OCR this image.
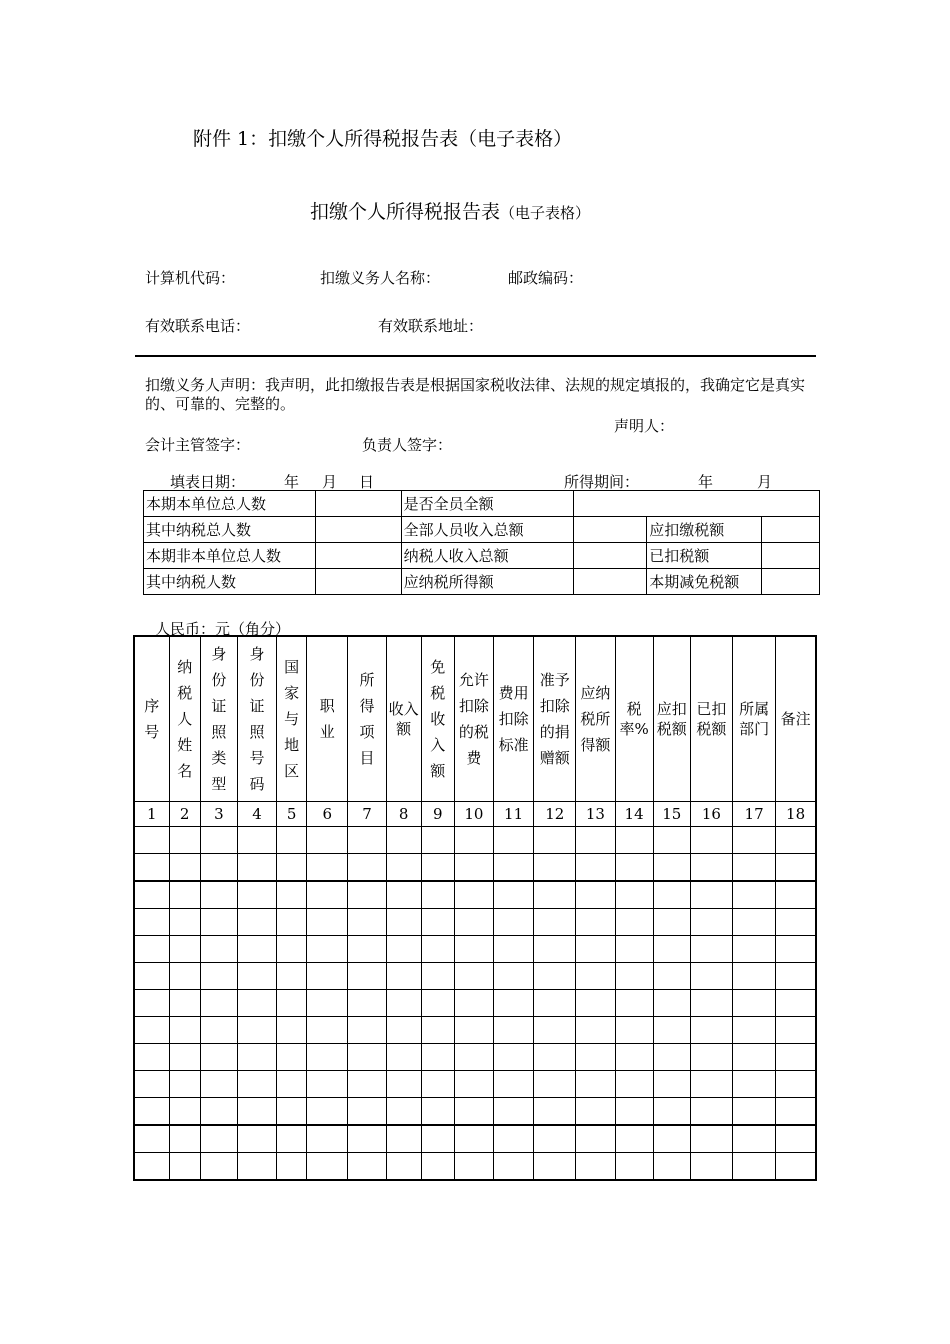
附件 1：扣缴个人所得税报告表（电子表格）
扣缴个人所得税报告表（电子表格）
计算机代码：	扣缴义务人名称：	邮政编码：
有效联系电话：	有效联系地址：
扣缴义务人声明：我声明，此扣缴报告表是根据国家税收法律、法规的规定填报的，我确定它是真实的、可靠的、完整的。
声明人：
会计主管签字：	负责人签字：
填表日期：	年 月 日	所得期间：	年	月
本期本单位总人数		是否全员全额			
其中纳税总人数		全部人员收入总额		应扣缴税额	
本期非本单位总人数		纳税人收入总额		已扣税额	
其中纳税人数		应纳税所得额		本期减免税额	
人民币：元（角分）
序号	纳税人姓名	身份证照类型	身份证照号码	国家与地区	职业	所得项目	收入额	免税收入额	允许扣除的税费	费用扣除标准	准予扣除的捐赠额	应纳税所得额	税率%	应扣税额	已扣税额	所属部门	备注
1	2	3	4	5	6	7	8	9	10	11	12	13	14	15	16	17	18
